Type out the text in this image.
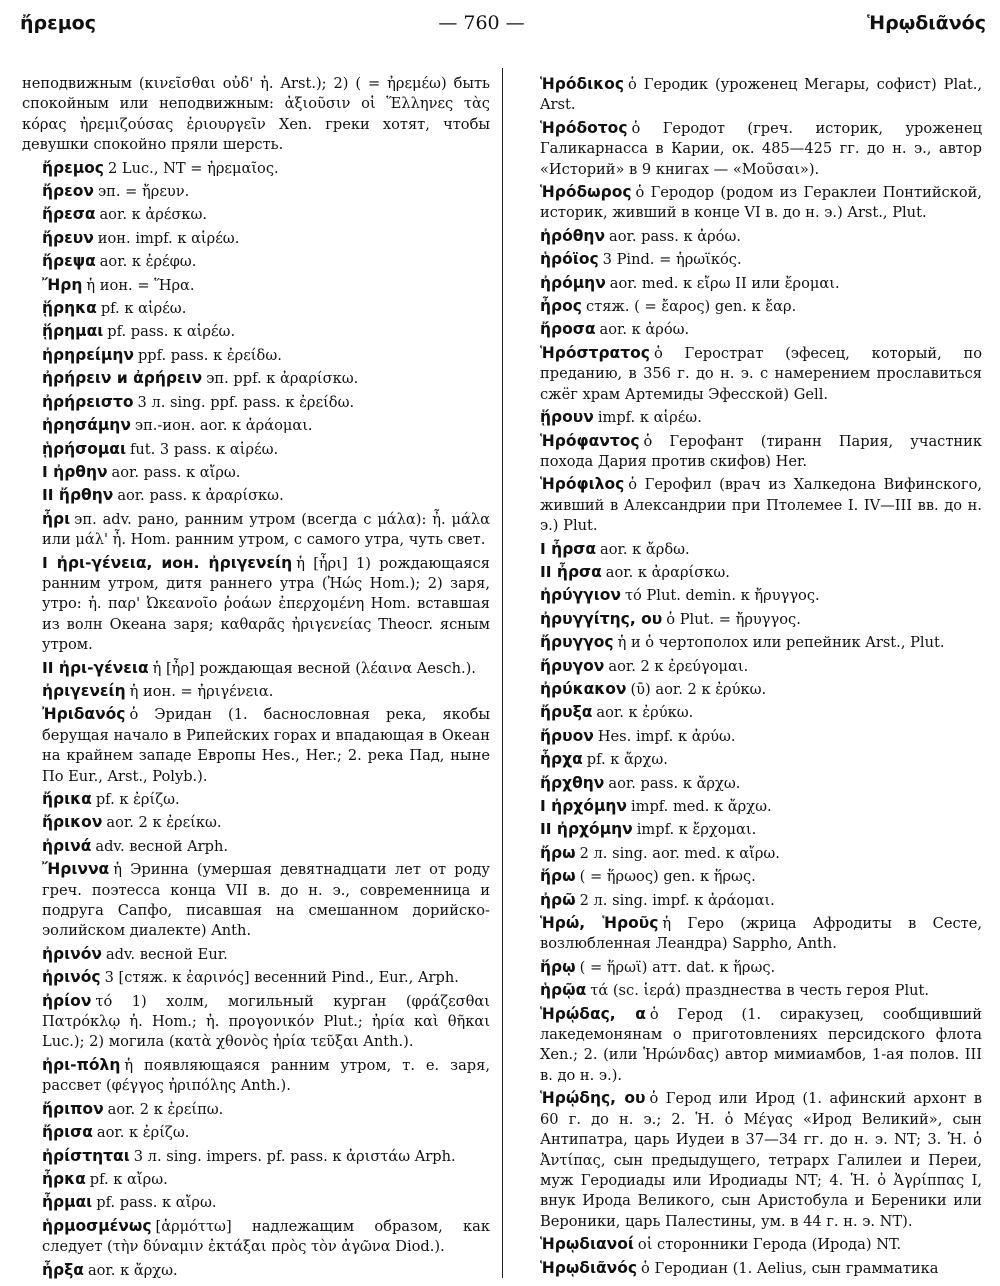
ἤρεμος	— 760 —	Ἡρῳδιᾶνός
неподвижным (κινεῖσθαι οὐδ' ἠ. Arst.); 2) ( = ἠρεμέω) быть спокойным или неподвижным: ἀξιοῦσιν οἱ Ἕλληνες τὰς κόρας ἠρεμιζούσας ἐριουργεῖν Xen. греки хотят, чтобы девушки спокойно пряли шерсть.
ἤρεμος 2 Luc., NT = ἠρεμαῖος.
ἤρεον эп. = ἤρευν.
ἤρεσα aor. к ἀρέσκω.
ἤρευν ион. impf. к αἱρέω.
ἤρεψα aor. к ἐρέφω.
Ἤρη ἡ ион. = Ἥρα.
ᾕρηκα pf. к αἱρέω.
ᾕρημαι pf. pass. к αἱρέω.
ἠρηρείμην ppf. pass. к ἐρείδω.
ἠρήρειν и ἀρήρειν эп. ppf. к ἀραρίσκω.
ἠρήρειστο 3 л. sing. ppf. pass. к ἐρείδω.
ἠρησάμην эп.-ион. aor. к ἀράομαι.
ᾑρήσομαι fut. 3 pass. к αἱρέω.
I ἠρθην aor. pass. к αἴρω.
II ἤρθην aor. pass. к ἀραρίσκω.
ἦρι эп. adv. рано, ранним утром (всегда с μάλα): ἦ. μάλα или μάλ' ἦ. Hom. ранним утром, с самого утра, чуть свет.
I ἠρι-γένεια, ион. ἠριγενείη ἡ [ἦρι] 1) рождающаяся ранним утром, дитя раннего утра (Ἠώς Hom.); 2) заря, утро: ἠ. παρ' Ὠκεανοῖο ῥοάων ἐπερχομένη Hom. вставшая из волн Океана заря; καθαρᾶς ἠριγενείας Theocr. ясным утром.
II ἠρι-γένεια ἡ [ἦρ] рождающая весной (λέαινα Aesch.).
ἠριγενείη ἡ ион. = ἠριγένεια.
Ἠριδανός ὁ Эридан (1. баснословная река, якобы берущая начало в Рипейских горах и впадающая в Океан на крайнем западе Европы Hes., Her.; 2. река Пад, ныне По Eur., Arst., Polyb.).
ἤρικα pf. к ἐρίζω.
ἤρικον aor. 2 к ἐρείκω.
ἠρινά adv. весной Arph.
Ἤριννα ἡ Эринна (умершая девятнадцати лет от роду греч. поэтесса конца VII в. до н. э., современница и подруга Сапфо, писавшая на смешанном дорийско-эолийском диалекте) Anth.
ἠρινόν adv. весной Eur.
ἠρινός 3 [стяж. к ἐαρινός] весенний Pind., Eur., Arph.
ἠρίον τό 1) холм, могильный курган (φράζεσθαι Πατρόκλῳ ἠ. Hom.; ἠ. προγονικόν Plut.; ἠρία καὶ θῆκαι Luc.); 2) могила (κατὰ χθονὸς ἠρία τεῦξαι Anth.).
ἠρι-πόλη ἡ появляющаяся ранним утром, т. е. заря, рассвет (φέγγος ἠριπόλης Anth.).
ἤριπον aor. 2 к ἐρείπω.
ἤρισα aor. к ἐρίζω.
ἠρίστηται 3 л. sing. impers. pf. pass. к ἀριστάω Arph.
ἦρκα pf. к αἴρω.
ἦρμαι pf. pass. к αἴρω.
ἡρμοσμένως [ἁρμόττω] надлежащим образом, как следует (τὴν δύναμιν ἐκτάξαι πρὸς τὸν ἀγῶνα Diod.).
ἦρξα aor. к ἄρχω.
Ἡρόδικος ὁ Геродик (уроженец Мегары, софист) Plat., Arst.
Ἡρόδοτος ὁ Геродот (греч. историк, уроженец Галикарнасса в Карии, ок. 485—425 гг. до н. э., автор «Историй» в 9 книгах — «Μοῦσαι»).
Ἡρόδωρος ὁ Геродор (родом из Гераклеи Понтийской, историк, живший в конце VI в. до н. э.) Arst., Plut.
ἠρόθην aor. pass. к ἀρόω.
ἡρόϊος 3 Pind. = ἡρωϊκός.
ἠρόμην aor. med. к εἴρω II или ἔρομαι.
ἦρος стяж. ( = ἔαρος) gen. к ἔαρ.
ἤροσα aor. к ἀρόω.
Ἡρόστρατος ὁ Герострат (эфесец, который, по преданию, в 356 г. до н. э. с намерением прославиться сжёг храм Артемиды Эфесской) Gell.
ᾕρουν impf. к αἱρέω.
Ἡρόφαντος ὁ Герофант (тиранн Пария, участник похода Дария против скифов) Her.
Ἡρόφιλος ὁ Герофил (врач из Халкедона Вифинского, живший в Александрии при Птолемее I. IV—III вв. до н. э.) Plut.
I ἦρσα aor. к ἄρδω.
II ἦρσα aor. к ἀραρίσκω.
ἠρύγγιον τό Plut. demin. к ἤρυγγος.
ἠρυγγίτης, ου ὁ Plut. = ἤρυγγος.
ἤρυγγος ἡ и ὁ чертополох или репейник Arst., Plut.
ἤρυγον aor. 2 к ἐρεύγομαι.
ἠρύκακον (ῡ) aor. 2 к ἐρύκω.
ἤρυξα aor. к ἐρύκω.
ἤρυον Hes. impf. к ἀρύω.
ἦρχα pf. к ἄρχω.
ἤρχθην aor. pass. к ἄρχω.
I ἠρχόμην impf. med. к ἄρχω.
II ἠρχόμην impf. к ἔρχομαι.
ἤρω 2 л. sing. aor. med. к αἴρω.
ἥρω ( = ἥρωος) gen. к ἥρως.
ἠρῶ 2 л. sing. impf. к ἀράομαι.
Ἡρώ, Ἡροῦς ἡ Геро (жрица Афродиты в Сесте, возлюбленная Леандра) Sappho, Anth.
ἥρῳ ( = ἥρωϊ) атт. dat. к ἥρως.
ἡρῷα τά (sc. ἱερά) празднества в честь героя Plut.
Ἡρῴδας, α ὁ Герод (1. сиракузец, сообщивший лакедемонянам о приготовлениях персидского флота Xen.; 2. (или Ἡρώνδας) автор мимиамбов, 1-ая полов. III в. до н. э.).
Ἡρῴδης, ου ὁ Герод или Ирод (1. афинский архонт в 60 г. до н. э.; 2. Ἡ. ὁ Μέγας «Ирод Великий», сын Антипатра, царь Иудеи в 37—34 гг. до н. э. NT; 3. Ἡ. ὁ Ἀντίπας, сын предыдущего, тетрарх Галилеи и Переи, муж Геродиады или Иродиады NT; 4. Ἡ. ὁ Ἀγρίππας I, внук Ирода Великого, сын Аристобула и Береники или Вероники, царь Палестины, ум. в 44 г. н. э. NT).
Ἡρῳδιανοί οἱ сторонники Герода (Ирода) NT.
Ἡρῳδιᾶνός ὁ Геродиан (1. Aelius, сын грамматика
